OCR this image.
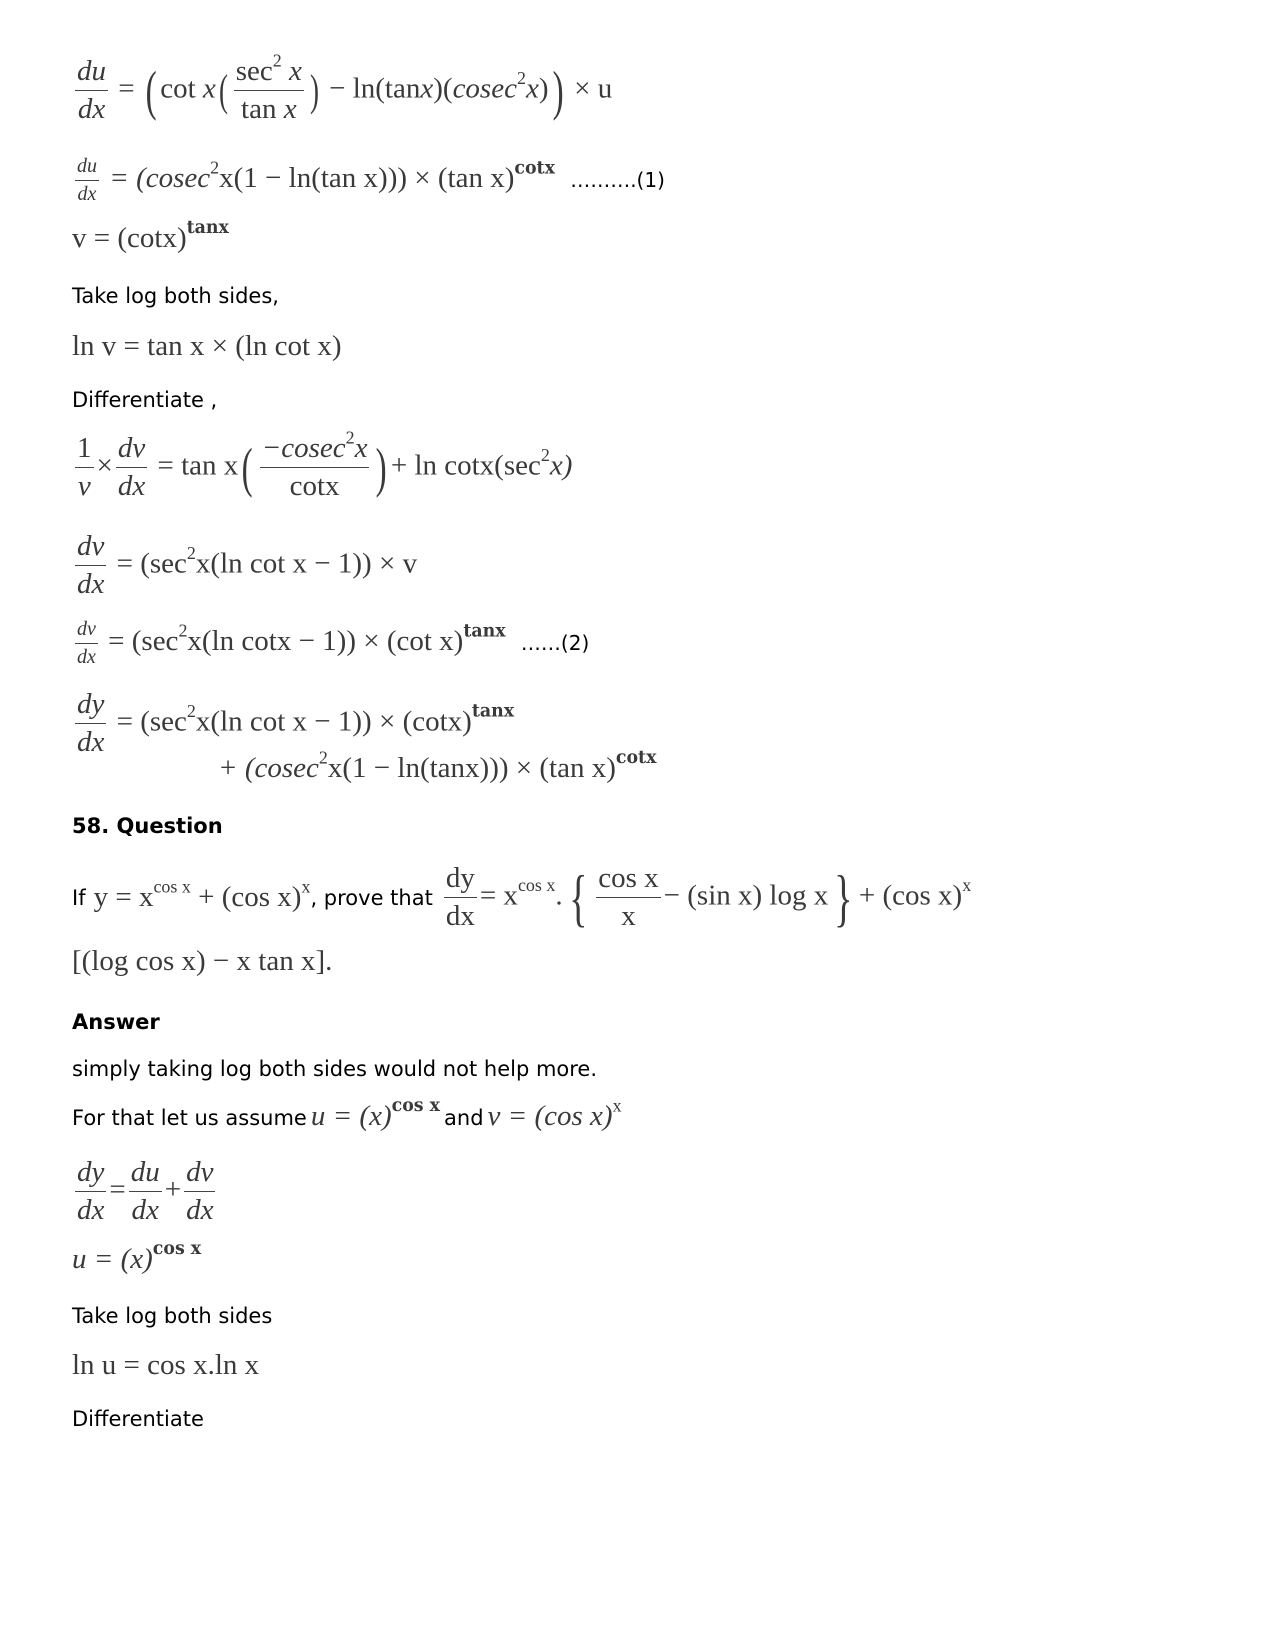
$\frac{du}{dx}$ = ( $\cot x( \frac{\sec^2 x}{\text{tan x}}$ ) − ln(tanx)(cosec$^2$x)) × u
$\frac{du}{dx} = (cosec^2x(1 - \ln(\tan$ x))) × (tan x)$^{cotx}$ ……….(1)
$v = (\cot x)^{tanx}$
Take log both sides,
ln v = tan x × (ln cot x)
Differentiate ,
$\frac{1}{v} \times \frac{dv}{dx} = \tan x( \frac{-cosec^2x}{\cot x}$ ) + $\ln \cot x(\sec^2x)$
$\frac{dv}{dx} = (\sec^2x(\ln$ cot x − 1)) × v
$\frac{dv}{dx} = (\sec^2x(\ln$ cotx − 1)) × (cot x)$^{tanx}$ ……(2)
$\frac{dy}{dx} = (\sec^2x(\ln$ $\cot x - 1)) \times (\cot x)^{tanx}$
+ (cosec$^2$x(1 − ln(tanx))) × (tan x)$^{cotx}$
58. Question
If
$y = x^{cos x} + (\cos$ x)$^x$ , prove that
$\frac{dy}{dx} = x^{cos x}.\{ \frac{\text{cos x}}{x} - (\sin$ x) log x} + (cos x)$^x$
[(log cos x) − x tan x].
Answer
simply taking log both sides would not help more.
For that let us assume
$u = (x)^{cos x}$
and
v = (cos x)$^x$
$\frac{dy}{dx} = \frac{du}{dx} + \frac{dv}{dx}$
$u = (x)^{cos x}$
Take log both sides
ln u = cos x.ln x
Differentiate
